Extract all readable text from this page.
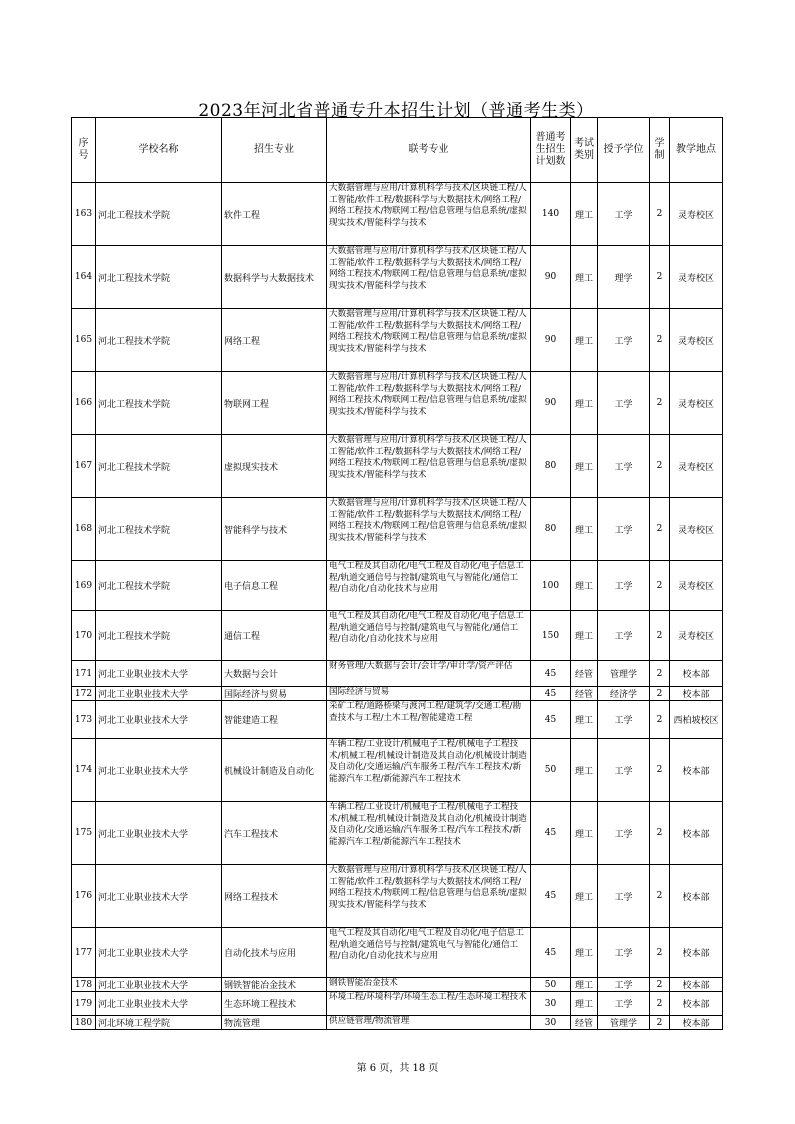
2023年河北省普通专升本招生计划（普通考生类）
序号	学校名称	招生专业	联考专业	普通考生招生计划数	考试类别	授予学位	学制	教学地点
163	河北工程技术学院	软件工程	大数据管理与应用/计算机科学与技术/区块链工程/人工智能/软件工程/数据科学与大数据技术/网络工程/网络工程技术/物联网工程/信息管理与信息系统/虚拟现实技术/智能科学与技术	140	理工	工学	2	灵寿校区
164	河北工程技术学院	数据科学与大数据技术	大数据管理与应用/计算机科学与技术/区块链工程/人工智能/软件工程/数据科学与大数据技术/网络工程/网络工程技术/物联网工程/信息管理与信息系统/虚拟现实技术/智能科学与技术	90	理工	理学	2	灵寿校区
165	河北工程技术学院	网络工程	大数据管理与应用/计算机科学与技术/区块链工程/人工智能/软件工程/数据科学与大数据技术/网络工程/网络工程技术/物联网工程/信息管理与信息系统/虚拟现实技术/智能科学与技术	90	理工	工学	2	灵寿校区
166	河北工程技术学院	物联网工程	大数据管理与应用/计算机科学与技术/区块链工程/人工智能/软件工程/数据科学与大数据技术/网络工程/网络工程技术/物联网工程/信息管理与信息系统/虚拟现实技术/智能科学与技术	90	理工	工学	2	灵寿校区
167	河北工程技术学院	虚拟现实技术	大数据管理与应用/计算机科学与技术/区块链工程/人工智能/软件工程/数据科学与大数据技术/网络工程/网络工程技术/物联网工程/信息管理与信息系统/虚拟现实技术/智能科学与技术	80	理工	工学	2	灵寿校区
168	河北工程技术学院	智能科学与技术	大数据管理与应用/计算机科学与技术/区块链工程/人工智能/软件工程/数据科学与大数据技术/网络工程/网络工程技术/物联网工程/信息管理与信息系统/虚拟现实技术/智能科学与技术	80	理工	工学	2	灵寿校区
169	河北工程技术学院	电子信息工程	电气工程及其自动化/电气工程及自动化/电子信息工程/轨道交通信号与控制/建筑电气与智能化/通信工程/自动化/自动化技术与应用	100	理工	工学	2	灵寿校区
170	河北工程技术学院	通信工程	电气工程及其自动化/电气工程及自动化/电子信息工程/轨道交通信号与控制/建筑电气与智能化/通信工程/自动化/自动化技术与应用	150	理工	工学	2	灵寿校区
171	河北工业职业技术大学	大数据与会计	财务管理/大数据与会计/会计学/审计学/资产评估	45	经管	管理学	2	校本部
172	河北工业职业技术大学	国际经济与贸易	国际经济与贸易	45	经管	经济学	2	校本部
173	河北工业职业技术大学	智能建造工程	采矿工程/道路桥梁与渡河工程/建筑学/交通工程/勘查技术与工程/土木工程/智能建造工程	45	理工	工学	2	西柏坡校区
174	河北工业职业技术大学	机械设计制造及自动化	车辆工程/工业设计/机械电子工程/机械电子工程技术/机械工程/机械设计制造及其自动化/机械设计制造及自动化/交通运输/汽车服务工程/汽车工程技术/新能源汽车工程/新能源汽车工程技术	50	理工	工学	2	校本部
175	河北工业职业技术大学	汽车工程技术	车辆工程/工业设计/机械电子工程/机械电子工程技术/机械工程/机械设计制造及其自动化/机械设计制造及自动化/交通运输/汽车服务工程/汽车工程技术/新能源汽车工程/新能源汽车工程技术	45	理工	工学	2	校本部
176	河北工业职业技术大学	网络工程技术	大数据管理与应用/计算机科学与技术/区块链工程/人工智能/软件工程/数据科学与大数据技术/网络工程/网络工程技术/物联网工程/信息管理与信息系统/虚拟现实技术/智能科学与技术	45	理工	工学	2	校本部
177	河北工业职业技术大学	自动化技术与应用	电气工程及其自动化/电气工程及自动化/电子信息工程/轨道交通信号与控制/建筑电气与智能化/通信工程/自动化/自动化技术与应用	45	理工	工学	2	校本部
178	河北工业职业技术大学	钢铁智能冶金技术	钢铁智能冶金技术	50	理工	工学	2	校本部
179	河北工业职业技术大学	生态环境工程技术	环境工程/环境科学/环境生态工程/生态环境工程技术	30	理工	工学	2	校本部
180	河北环境工程学院	物流管理	供应链管理/物流管理	30	经管	管理学	2	校本部
第 6 页，共 18 页
